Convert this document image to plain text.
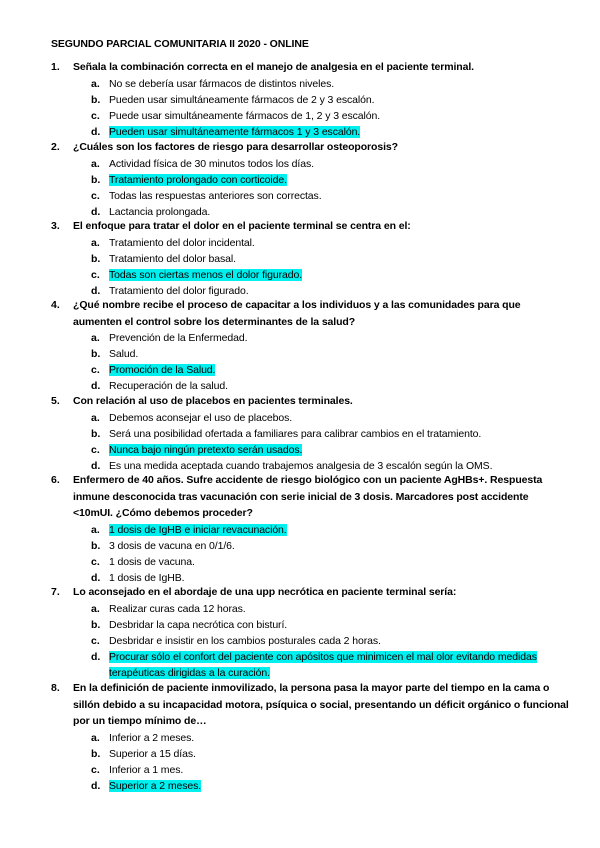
SEGUNDO PARCIAL COMUNITARIA II 2020 - ONLINE
1.	Señala la combinación correcta en el manejo de analgesia en el paciente terminal.
a. No se debería usar fármacos de distintos niveles.
b. Pueden usar simultáneamente fármacos de 2 y 3 escalón.
c. Puede usar simultáneamente fármacos de 1, 2 y 3 escalón.
d. Pueden usar simultáneamente fármacos 1 y 3 escalón.
2.	¿Cuáles son los factores de riesgo para desarrollar osteoporosis?
a. Actividad física de 30 minutos todos los días.
b. Tratamiento prolongado con corticoide.
c. Todas las respuestas anteriores son correctas.
d. Lactancia prolongada.
3.	El enfoque para tratar el dolor en el paciente terminal se centra en el:
a. Tratamiento del dolor incidental.
b. Tratamiento del dolor basal.
c. Todas son ciertas menos el dolor figurado.
d. Tratamiento del dolor figurado.
4.	¿Qué nombre recibe el proceso de capacitar a los individuos y a las comunidades para que aumenten el control sobre los determinantes de la salud?
a. Prevención de la Enfermedad.
b. Salud.
c. Promoción de la Salud.
d. Recuperación de la salud.
5.	Con relación al uso de placebos en pacientes terminales.
a. Debemos aconsejar el uso de placebos.
b. Será una posibilidad ofertada a familiares para calibrar cambios en el tratamiento.
c. Nunca bajo ningún pretexto serán usados.
d. Es una medida aceptada cuando trabajemos analgesia de 3 escalón según la OMS.
6.	Enfermero de 40 años. Sufre accidente de riesgo biológico con un paciente AgHBs+. Respuesta inmune desconocida tras vacunación con serie inicial de 3 dosis. Marcadores post accidente <10mUI. ¿Cómo debemos proceder?
a. 1 dosis de IgHB e iniciar revacunación.
b. 3 dosis de vacuna en 0/1/6.
c. 1 dosis de vacuna.
d. 1 dosis de IgHB.
7.	Lo aconsejado en el abordaje de una upp necrótica en paciente terminal sería:
a. Realizar curas cada 12 horas.
b. Desbridar la capa necrótica con bisturí.
c. Desbridar e insistir en los cambios posturales cada 2 horas.
d. Procurar sólo el confort del paciente con apósitos que minimicen el mal olor evitando medidas terapéuticas dirigidas a la curación.
8.	En la definición de paciente inmovilizado, la persona pasa la mayor parte del tiempo en la cama o sillón debido a su incapacidad motora, psíquica o social, presentando un déficit orgánico o funcional por un tiempo mínimo de…
a. Inferior a 2 meses.
b. Superior a 15 días.
c. Inferior a 1 mes.
d. Superior a 2 meses.
